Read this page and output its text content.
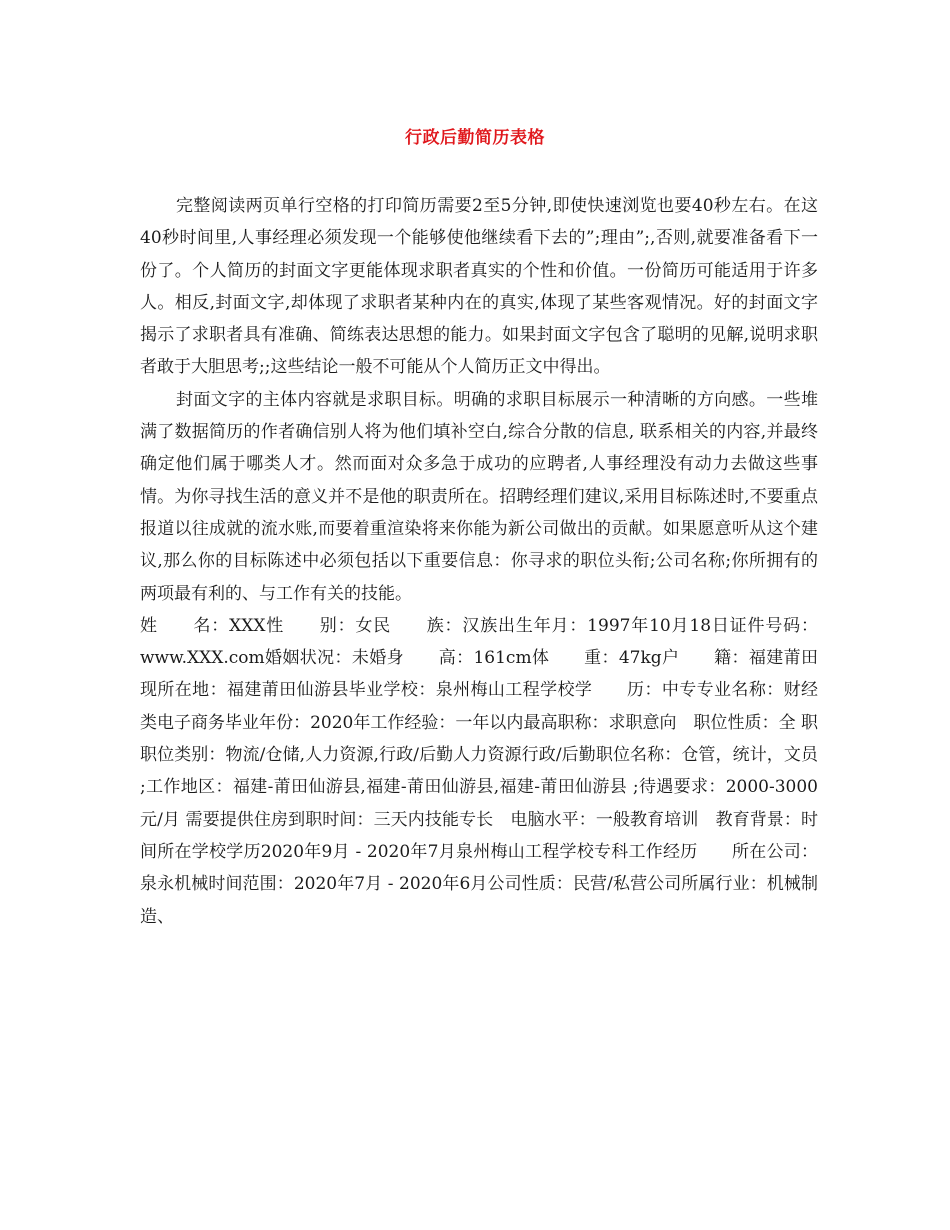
行政后勤简历表格

完整阅读两页单行空格的打印简历需要2至5分钟,即使快速浏览也要40秒左右。在这40秒时间里,人事经理必须发现一个能够使他继续看下去的”;理由”;,否则,就要准备看下一份了。个人简历的封面文字更能体现求职者真实的个性和价值。一份简历可能适用于许多人。相反,封面文字,却体现了求职者某种内在的真实,体现了某些客观情况。好的封面文字揭示了求职者具有准确、简练表达思想的能力。如果封面文字包含了聪明的见解,说明求职者敢于大胆思考;;这些结论一般不可能从个人简历正文中得出。

封面文字的主体内容就是求职目标。明确的求职目标展示一种清晰的方向感。一些堆满了数据简历的作者确信别人将为他们填补空白,综合分散的信息, 联系相关的内容,并最终确定他们属于哪类人才。然而面对众多急于成功的应聘者,人事经理没有动力去做这些事情。为你寻找生活的意义并不是他的职责所在。招聘经理们建议,采用目标陈述时,不要重点报道以往成就的流水账,而要着重渲染将来你能为新公司做出的贡献。如果愿意听从这个建议,那么你的目标陈述中必须包括以下重要信息：你寻求的职位头衔;公司名称;你所拥有的两项最有利的、与工作有关的技能。

姓　　名：XXX性　　别：女民　　族：汉族出生年月：1997年10月18日证件号码：www.XXX.com婚姻状况：未婚身　　高：161cm体　　重：47kg户　　籍：福建莆田现所在地：福建莆田仙游县毕业学校：泉州梅山工程学校学　　历：中专专业名称：财经类电子商务毕业年份：2020年工作经验：一年以内最高职称：求职意向　职位性质：全 职职位类别：物流/仓储,人力资源,行政/后勤人力资源行政/后勤职位名称：仓管，统计，文员 ;工作地区：福建-莆田仙游县,福建-莆田仙游县,福建-莆田仙游县 ;待遇要求：2000-3000元/月 需要提供住房到职时间：三天内技能专长　电脑水平：一般教育培训　教育背景：时间所在学校学历2020年9月 - 2020年7月泉州梅山工程学校专科工作经历　　所在公司：泉永机械时间范围：2020年7月 - 2020年6月公司性质：民营/私营公司所属行业：机械制造、
